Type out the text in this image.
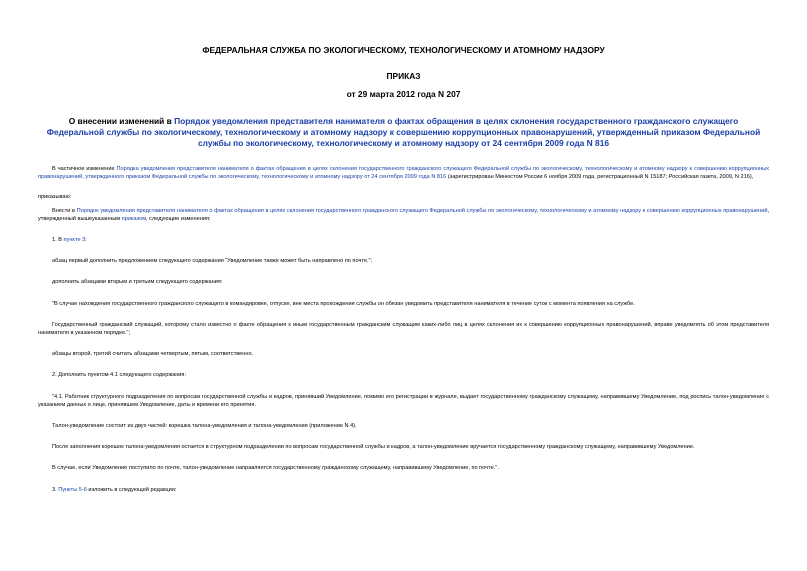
ФЕДЕРАЛЬНАЯ СЛУЖБА ПО ЭКОЛОГИЧЕСКОМУ, ТЕХНОЛОГИЧЕСКОМУ И АТОМНОМУ НАДЗОРУ
ПРИКАЗ
от 29 марта 2012 года N 207
О внесении изменений в Порядок уведомления представителя нанимателя о фактах обращения в целях склонения государственного гражданского служащего Федеральной службы по экологическому, технологическому и атомному надзору к совершению коррупционных правонарушений, утвержденный приказом Федеральной службы по экологическому, технологическому и атомному надзору от 24 сентября 2009 года N 816

В частичное изменение Порядка уведомления представителя нанимателя о фактах обращения в целях склонения государственного гражданского служащего Федеральной службы по экологическому, технологическому и атомному надзору к совершению коррупционных правонарушений, утвержденного приказом Федеральной службы по экологическому, технологическому и атомному надзору от 24 сентября 2009 года N 816 (зарегистрирован Минюстом России 6 ноября 2009 года, регистрационный N 15187; Российская газета, 2009, N 216),

приказываю:

Внести в Порядок уведомления представителя нанимателя о фактах обращения в целях склонения государственного гражданского служащего Федеральной службы по экологическому, технологическому и атомному надзору к совершению коррупционных правонарушений, утвержденный вышеуказанным приказом, следующие изменения:

1. В пункте 3:

абзац первый дополнить предложением следующего содержания "Уведомление также может быть направлено по почте.";

дополнить абзацами вторым и третьим следующего содержания:

"В случае нахождения государственного гражданского служащего в командировке, отпуске, вне места прохождения службы он обязан уведомить представителя нанимателя в течение суток с момента появления на службе.

Государственный гражданский служащий, которому стало известно о факте обращения к иным государственным гражданским служащим каких-либо лиц в целях склонения их к совершению коррупционных правонарушений, вправе уведомлять об этом представителя нанимателя в указанном порядке.";

абзацы второй, третий считать абзацами четвертым, пятым, соответственно.

2. Дополнить пунктом 4.1 следующего содержания:

"4.1. Работник структурного подразделения по вопросам государственной службы и кадров, принявший Уведомление, помимо его регистрации в журнале, выдает государственному гражданскому служащему, направившему Уведомление, под роспись талон-уведомление с указанием данных о лице, принявшем Уведомление, даты и времени его принятия.

Талон-уведомление состоит из двух частей: корешка талона-уведомления и талона-уведомления (приложение N 4).

После заполнения корешок талона-уведомления остается в структурном подразделении по вопросам государственной службы и кадров, а талон-уведомление вручается государственному гражданскому служащему, направившему Уведомление.

В случае, если Уведомление поступило по почте, талон-уведомление направляется государственному гражданскому служащему, направившему Уведомление, по почте.".

3. Пункты 5-6 изложить в следующей редакции:
